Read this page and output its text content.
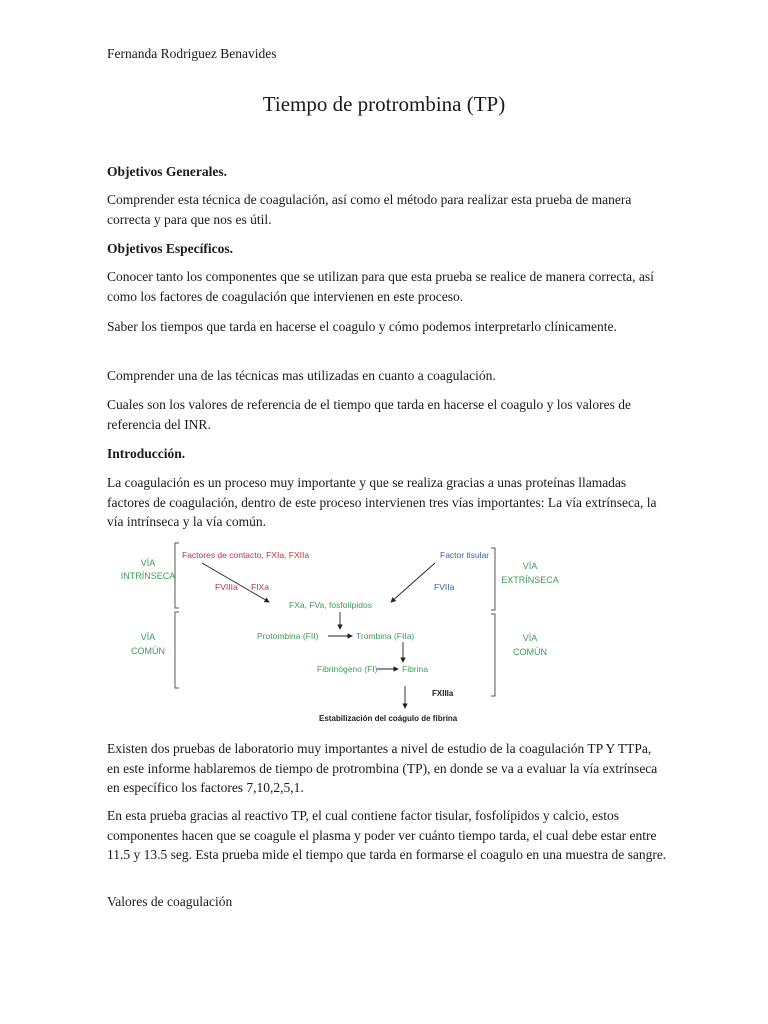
Fernanda Rodriguez Benavides
Tiempo de protrombina (TP)
Objetivos Generales.
Comprender esta técnica de coagulación, así como el método para realizar esta prueba de manera correcta y para que nos es útil.
Objetivos Específicos.
Conocer tanto los componentes que se utilizan para que esta prueba se realice de manera correcta, así como los factores de coagulación que intervienen en este proceso.
Saber los tiempos que tarda en hacerse el coagulo y cómo podemos interpretarlo clínicamente.
Comprender una de las técnicas mas utilizadas en cuanto a coagulación.
Cuales son los valores de referencia de el tiempo que tarda en hacerse el coagulo y los valores de referencia del INR.
Introducción.
La coagulación es un proceso muy importante y que se realiza gracias a unas proteínas llamadas factores de coagulación, dentro de este proceso intervienen tres vías importantes: La vía extrínseca, la vía intrínseca y la vía común.
VÍA
INTRÍNSECA
VÍA
COMÚN
VÍA
EXTRÍNSECA
VÍA
COMÚN
Factores de contacto, FXIa, FXIIa
FVIIIa FIXa
Factor tisular
FVIIa
FXa, FVa, fosfolípidos
Protombina (FII)	Trombina (FIIa)
Fibrinógeno (FI)	Fibrina
FXIIIa
Estabilización del coágulo de fibrina
Existen dos pruebas de laboratorio muy importantes a nivel de estudio de la coagulación TP Y TTPa, en este informe hablaremos de tiempo de protrombina (TP), en donde se va a evaluar la vía extrínseca en específico los factores 7,10,2,5,1.
En esta prueba gracias al reactivo TP, el cual contiene factor tisular, fosfolípidos y calcio, estos componentes hacen que se coagule el plasma y poder ver cuánto tiempo tarda, el cual debe estar entre 11.5 y 13.5 seg. Esta prueba mide el tiempo que tarda en formarse el coagulo en una muestra de sangre.
Valores de coagulación
